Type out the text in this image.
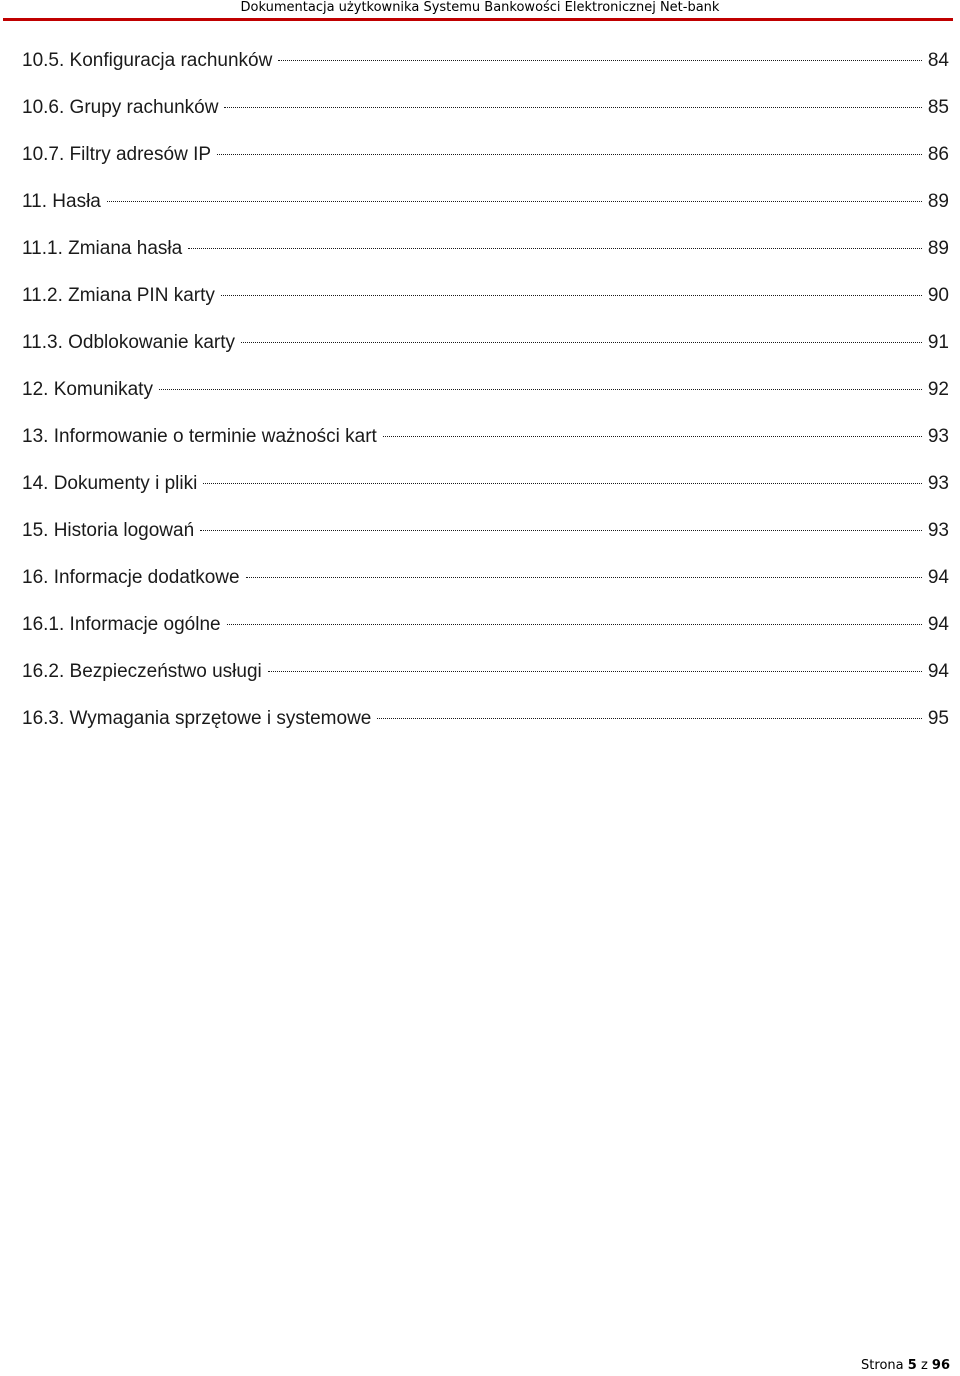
Dokumentacja użytkownika Systemu Bankowości Elektronicznej Net-bank
10.5. Konfiguracja rachunków	84
10.6. Grupy rachunków	85
10.7. Filtry adresów IP	86
11. Hasła	89
11.1. Zmiana hasła	89
11.2. Zmiana PIN karty	90
11.3. Odblokowanie karty	91
12. Komunikaty	92
13. Informowanie o terminie ważności kart	93
14. Dokumenty i pliki	93
15. Historia logowań	93
16. Informacje dodatkowe	94
16.1. Informacje ogólne	94
16.2. Bezpieczeństwo usługi	94
16.3. Wymagania sprzętowe i systemowe	95
Strona 5 z 96
